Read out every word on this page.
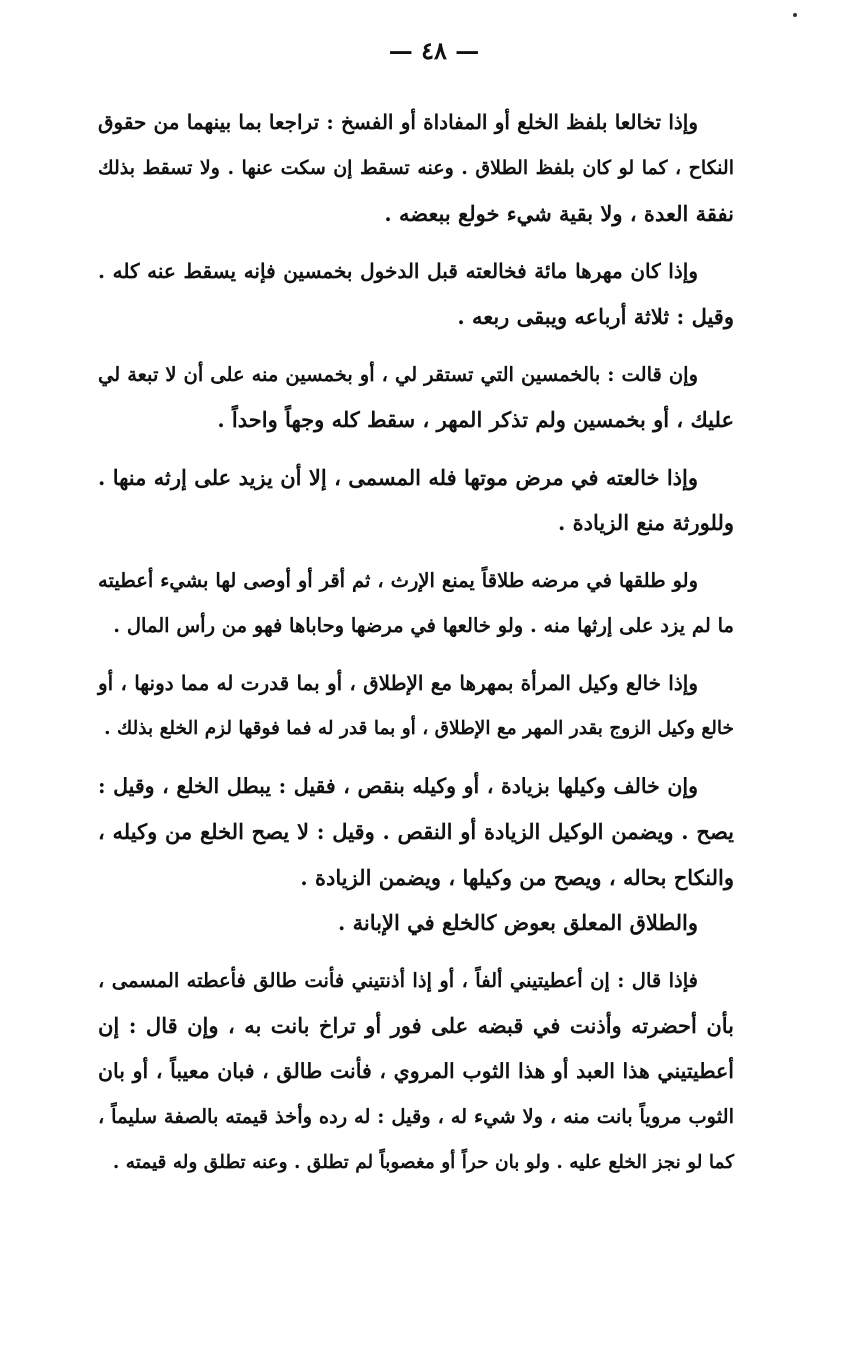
— ٤٨ —

وإذا تخالعا بلفظ الخلع أو المفاداة أو الفسخ : تراجعا بما بينهما من حقوق
النكاح ، كما لو كان بلفظ الطلاق . وعنه تسقط إن سكت عنها . ولا تسقط بذلك
نفقة العدة ، ولا بقية شيء خولع ببعضه .

وإذا كان مهرها مائة فخالعته قبل الدخول بخمسين فإنه يسقط عنه كله .
وقيل : ثلاثة أرباعه ويبقى ربعه .

وإن قالت : بالخمسين التي تستقر لي ، أو بخمسين منه على أن لا تبعة لي
عليك ، أو بخمسين ولم تذكر المهر ، سقط كله وجهاً واحداً .

وإذا خالعته في مرض موتها فله المسمى ، إلا أن يزيد على إرثه منها .
وللورثة منع الزيادة .

ولو طلقها في مرضه طلاقاً يمنع الإرث ، ثم أقر أو أوصى لها بشيء أعطيته
ما لم يزد على إرثها منه . ولو خالعها في مرضها وحاباها فهو من رأس المال .

وإذا خالع وكيل المرأة بمهرها مع الإطلاق ، أو بما قدرت له مما دونها ، أو
خالع وكيل الزوج بقدر المهر مع الإطلاق ، أو بما قدر له فما فوقها لزم الخلع بذلك .

وإن خالف وكيلها بزيادة ، أو وكيله بنقص ، فقيل : يبطل الخلع ، وقيل :
يصح . ويضمن الوكيل الزيادة أو النقص . وقيل : لا يصح الخلع من وكيله ،
والنكاح بحاله ، ويصح من وكيلها ، ويضمن الزيادة .

والطلاق المعلق بعوض كالخلع في الإبانة .

فإذا قال : إن أعطيتيني ألفاً ، أو إذا أذنتيني فأنت طالق فأعطته المسمى ،
بأن أحضرته وأذنت في قبضه على فور أو تراخ بانت به ، وإن قال : إن
أعطيتيني هذا العبد أو هذا الثوب المروي ، فأنت طالق ، فبان معيباً ، أو بان
الثوب مروياً بانت منه ، ولا شيء له ، وقيل : له رده وأخذ قيمته بالصفة سليماً ،
كما لو نجز الخلع عليه . ولو بان حراً أو مغصوباً لم تطلق . وعنه تطلق وله قيمته .
